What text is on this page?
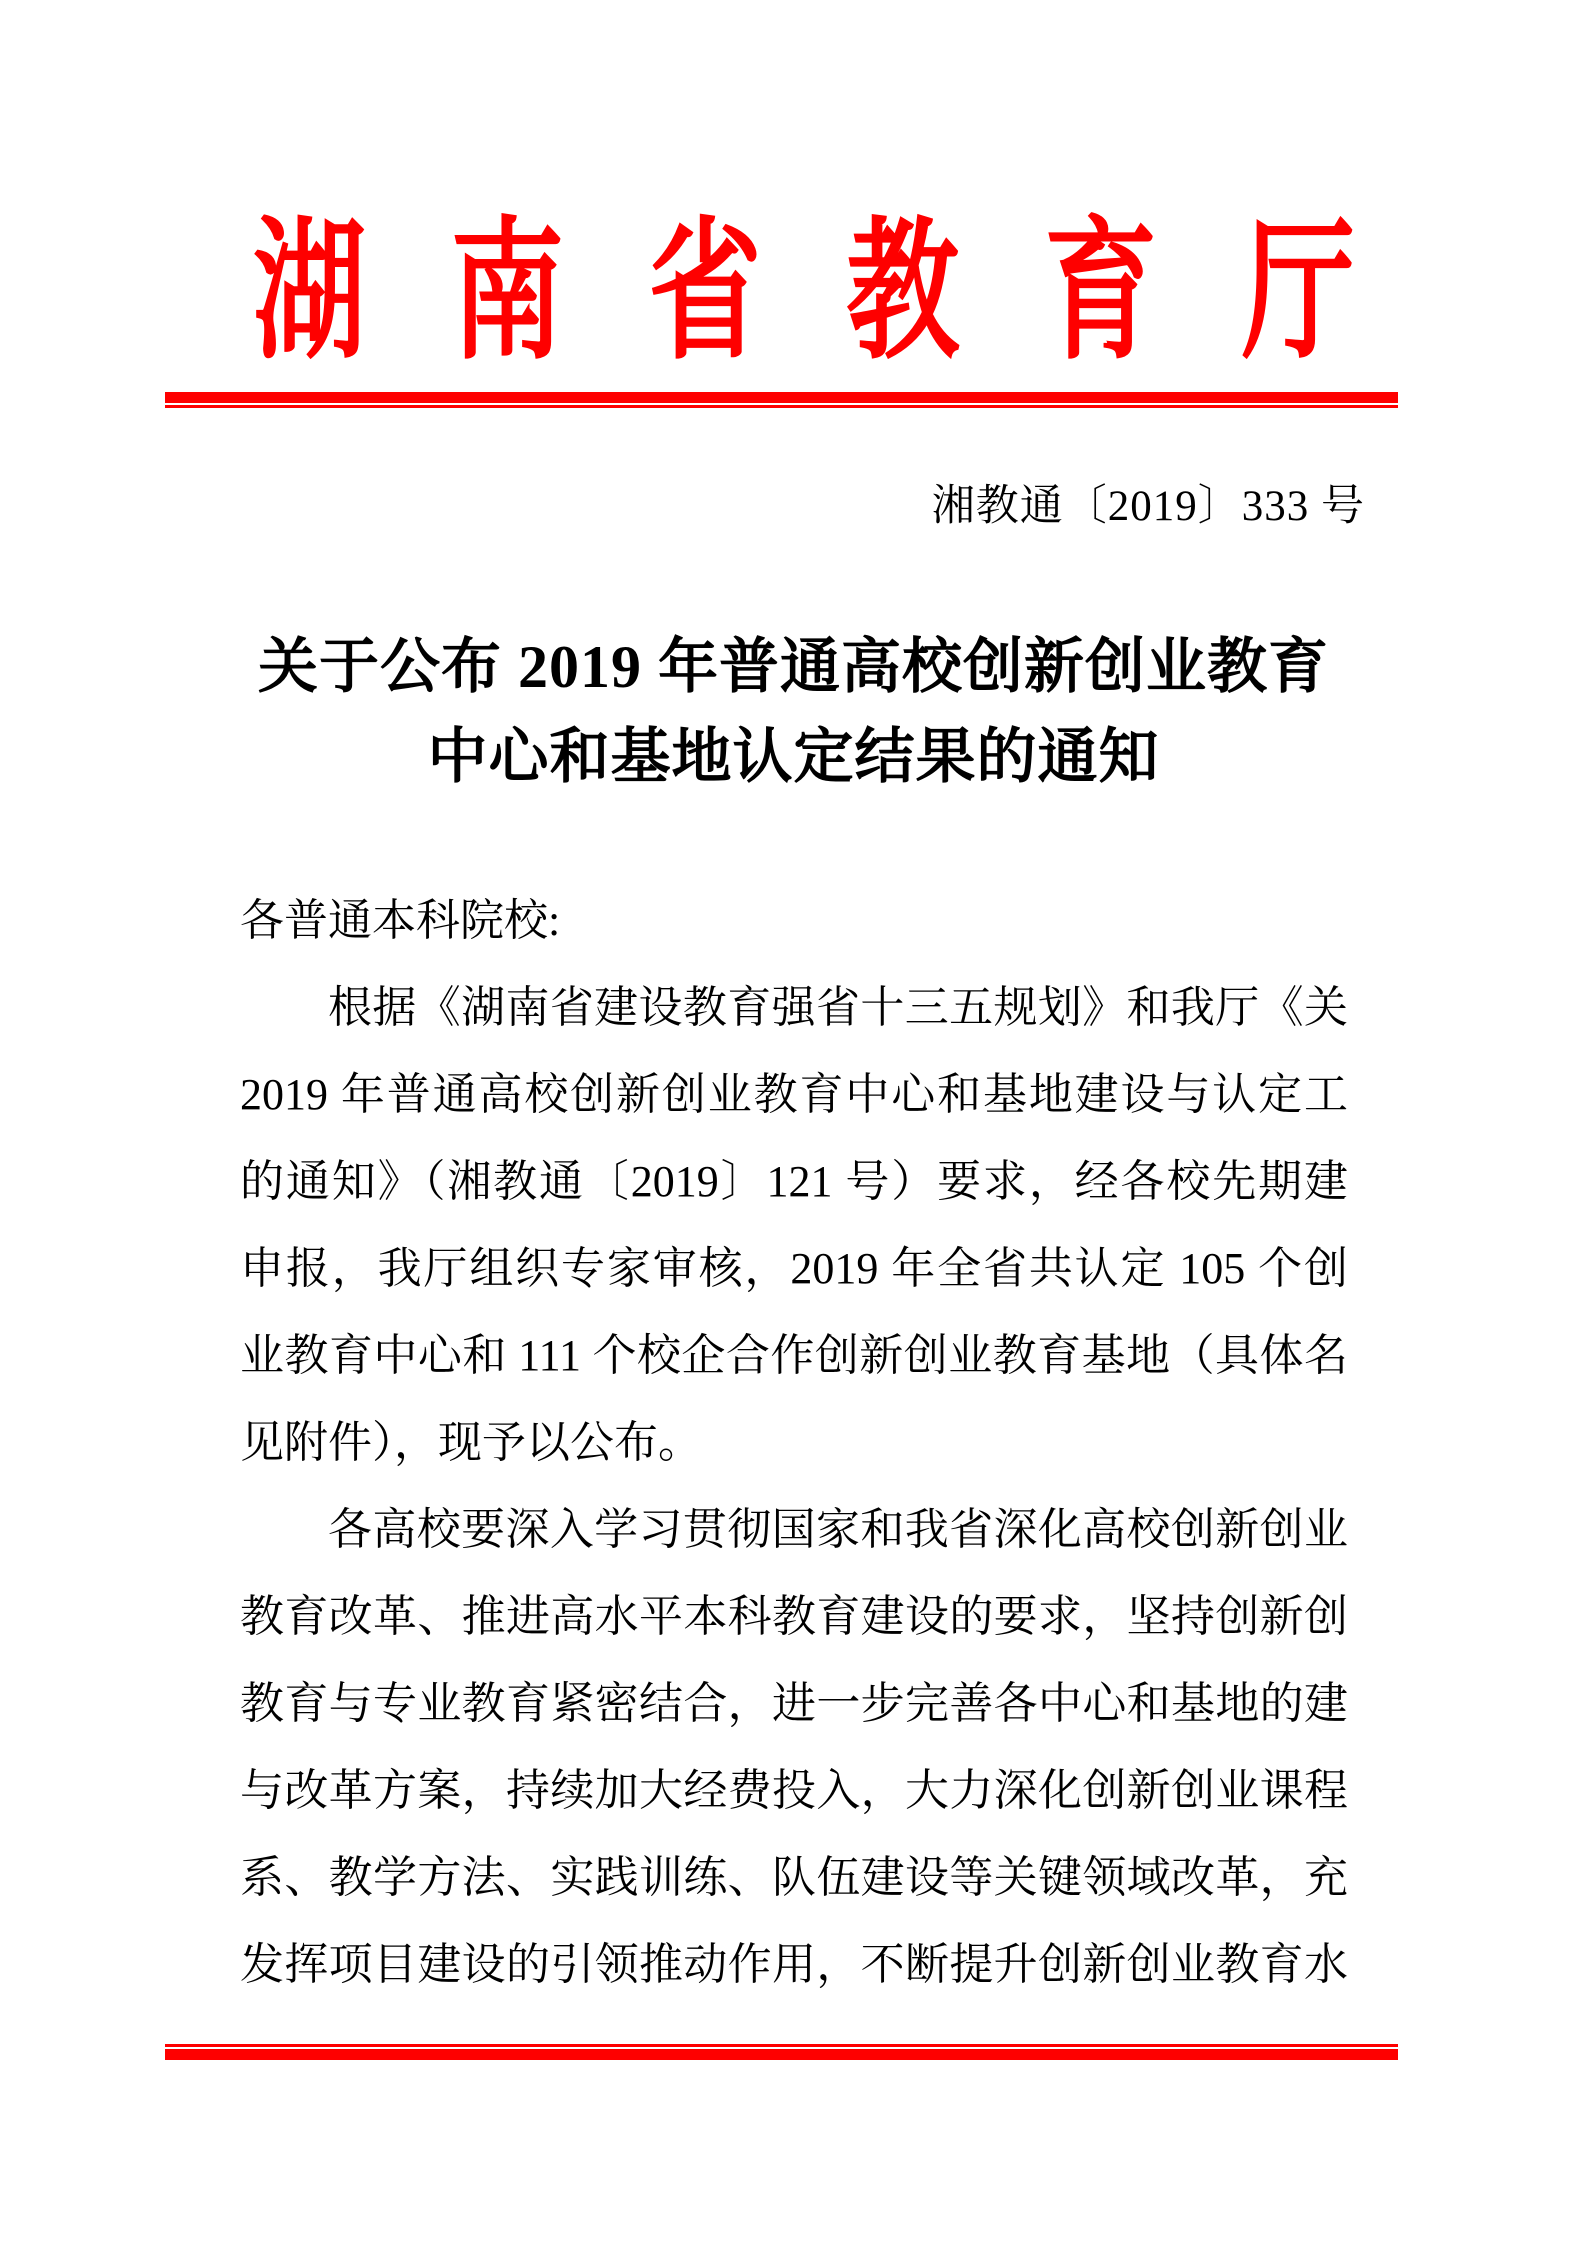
湖 南 省 教 育 厅
湘教通〔2019〕333 号
关于公布 2019 年普通高校创新创业教育
中心和基地认定结果的通知
各普通本科院校:
根据《湖南省建设教育强省十三五规划》和我厅《关
2019 年普通高校创新创业教育中心和基地建设与认定工
的通知》（湘教通〔2019〕121 号）要求，经各校先期建
申报，我厅组织专家审核，2019 年全省共认定 105 个创
业教育中心和 111 个校企合作创新创业教育基地（具体名
见附件），现予以公布。
各高校要深入学习贯彻国家和我省深化高校创新创业
教育改革、推进高水平本科教育建设的要求，坚持创新创
教育与专业教育紧密结合，进一步完善各中心和基地的建
与改革方案，持续加大经费投入，大力深化创新创业课程
系、教学方法、实践训练、队伍建设等关键领域改革，充
发挥项目建设的引领推动作用，不断提升创新创业教育水
